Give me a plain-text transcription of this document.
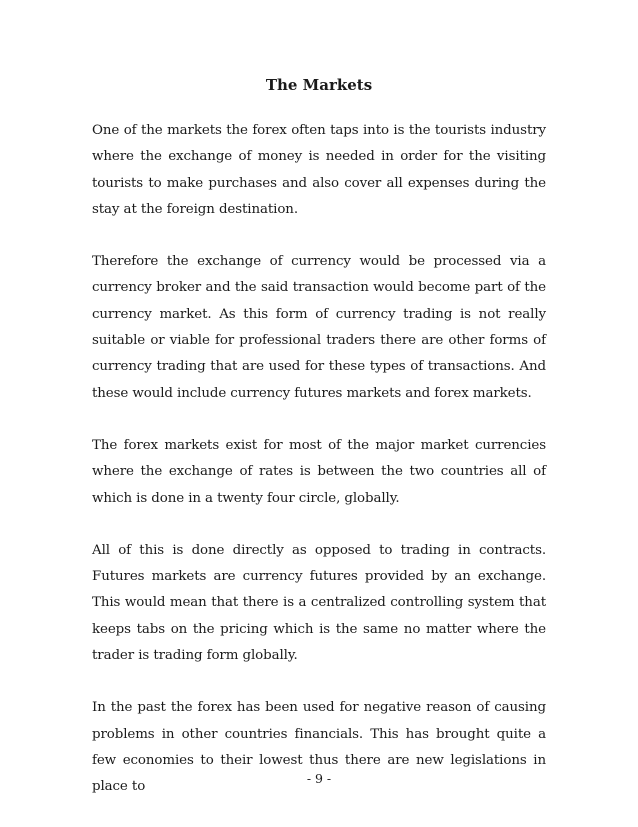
The Markets

One of the markets the forex often taps into is the tourists industry where the exchange of money is needed in order for the visiting tourists to make purchases and also cover all expenses during the stay at the foreign destination.

Therefore the exchange of currency would be processed via a currency broker and the said transaction would become part of the currency market. As this form of currency trading is not really suitable or viable for professional traders there are other forms of currency trading that are used for these types of transactions. And these would include currency futures markets and forex markets.

The forex markets exist for most of the major market currencies where the exchange of rates is between the two countries all of which is done in a twenty four circle, globally.

All of this is done directly as opposed to trading in contracts. Futures markets are currency futures provided by an exchange. This would mean that there is a centralized controlling system that keeps tabs on the pricing which is the same no matter where the trader is trading form globally.

In the past the forex has been used for negative reason of causing problems in other countries financials. This has brought quite a few economies to their lowest thus there are new legislations in place to

- 9 -
